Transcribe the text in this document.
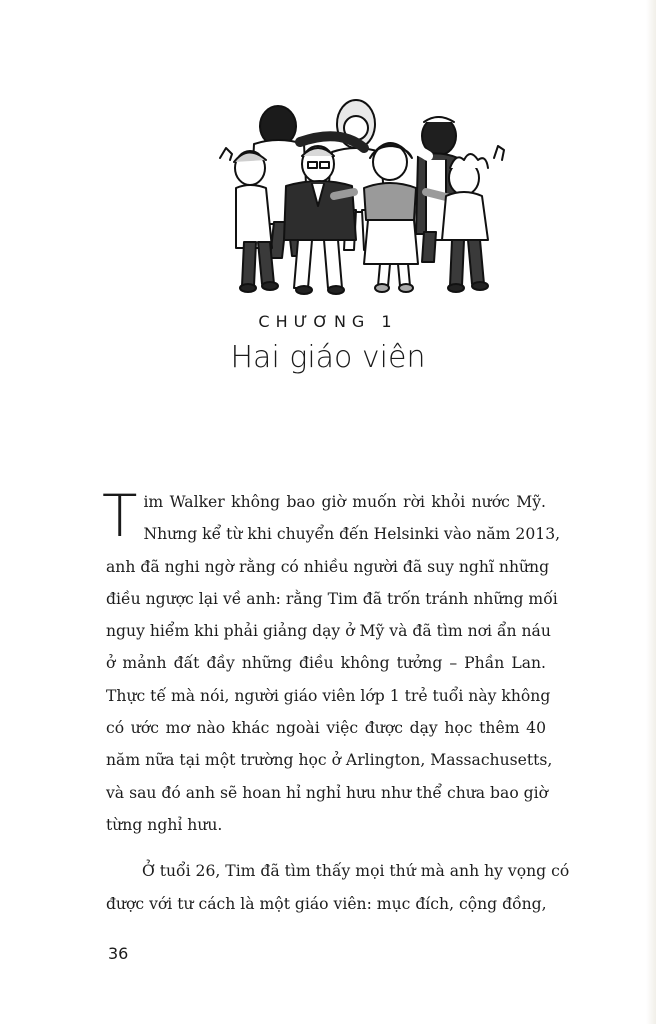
CHƯƠNG 1
Hai giáo viên
T im Walker không bao giờ muốn rời khỏi nước Mỹ.
Nhưng kể từ khi chuyển đến Helsinki vào năm 2013,
anh đã nghi ngờ rằng có nhiều người đã suy nghĩ những
điều ngược lại về anh: rằng Tim đã trốn tránh những mối
nguy hiểm khi phải giảng dạy ở Mỹ và đã tìm nơi ẩn náu
ở mảnh đất đầy những điều không tưởng – Phần Lan.
Thực tế mà nói, người giáo viên lớp 1 trẻ tuổi này không
có ước mơ nào khác ngoài việc được dạy học thêm 40
năm nữa tại một trường học ở Arlington, Massachusetts,
và sau đó anh sẽ hoan hỉ nghỉ hưu như thể chưa bao giờ
từng nghỉ hưu.
Ở tuổi 26, Tim đã tìm thấy mọi thứ mà anh hy vọng có
được với tư cách là một giáo viên: mục đích, cộng đồng,
36
